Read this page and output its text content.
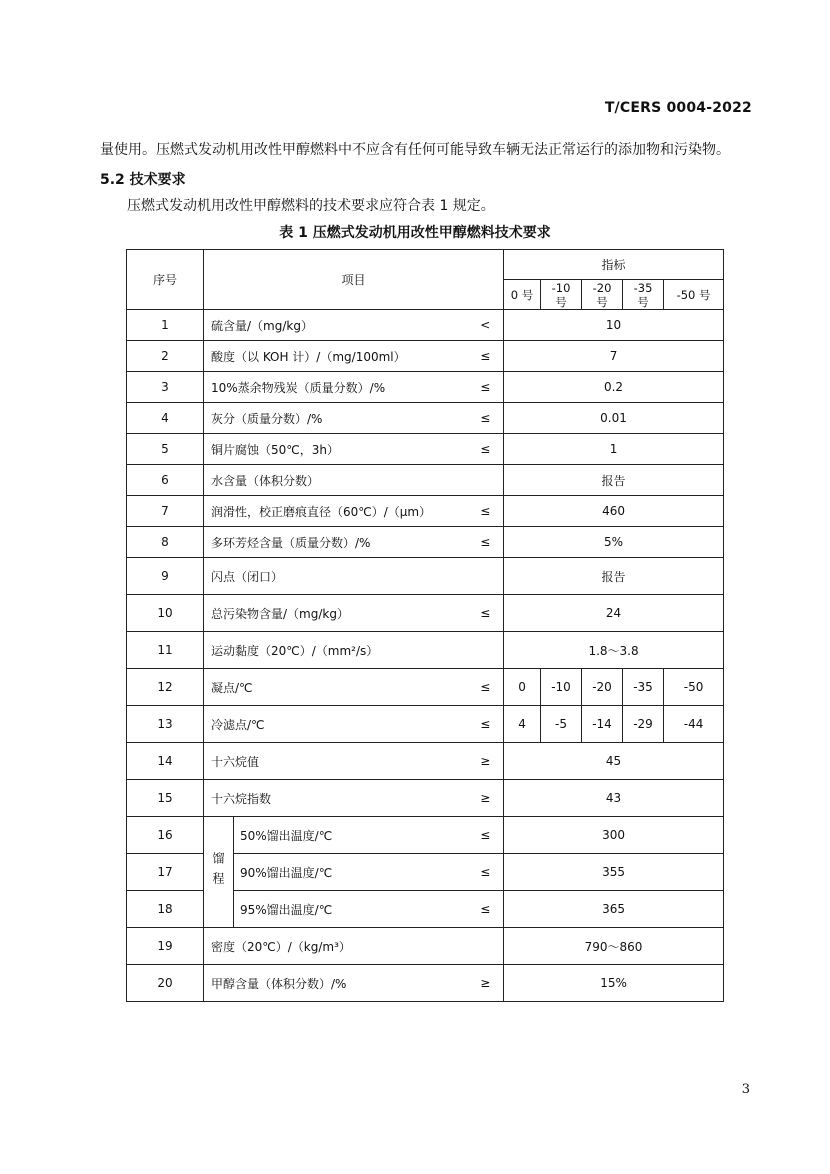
T/CERS 0004-2022
量使用。压燃式发动机用改性甲醇燃料中不应含有任何可能导致车辆无法正常运行的添加物和污染物。
5.2 技术要求
压燃式发动机用改性甲醇燃料的技术要求应符合表 1 规定。
表 1 压燃式发动机用改性甲醇燃料技术要求
序号	项目			指标				
				0 号	-10 号	-20 号	-35 号	-50 号
1	硫含量/（mg/kg）		<	10				
2	酸度（以 KOH 计）/（mg/100ml）		≤	7				
3	10%蒸余物残炭（质量分数）/%		≤	0.2				
4	灰分（质量分数）/%		≤	0.01				
5	铜片腐蚀（50℃，3h）		≤	1				
6	水含量（体积分数）			报告				
7	润滑性，校正磨痕直径（60℃）/（μm）		≤	460				
8	多环芳烃含量（质量分数）/%		≤	5%				
9	闪点（闭口）			报告				
10	总污染物含量/（mg/kg）		≤	24				
11	运动黏度（20℃）/（mm²/s）			1.8～3.8				
12	凝点/℃		≤	0	-10	-20	-35	-50
13	冷滤点/℃		≤	4	-5	-14	-29	-44
14	十六烷值		≥	45				
15	十六烷指数		≥	43				
16	馏程	50%馏出温度/℃	≤	300				
17		90%馏出温度/℃	≤	355				
18		95%馏出温度/℃	≤	365				
19	密度（20℃）/（kg/m³）			790～860				
20	甲醇含量（体积分数）/%		≥	15%				
3
